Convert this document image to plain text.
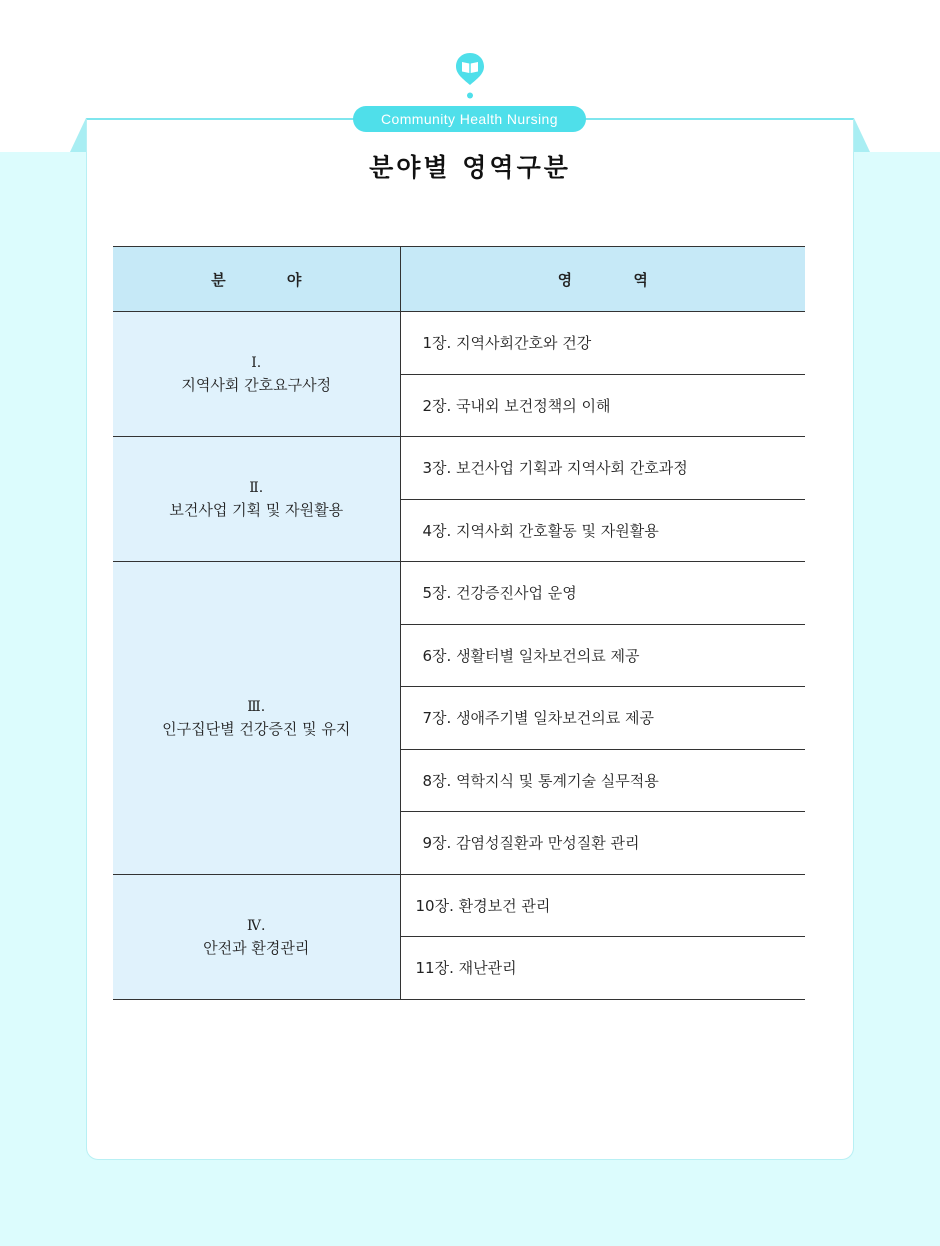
Community Health Nursing
분야별 영역구분
분 야	영 역

Ⅰ.
지역사회 간호요구사정	1장. 지역사회간호와 건강
	2장. 국내외 보건정책의 이해

Ⅱ.
보건사업 기획 및 자원활용	3장. 보건사업 기획과 지역사회 간호과정
	4장. 지역사회 간호활동 및 자원활용

Ⅲ.
인구집단별 건강증진 및 유지	5장. 건강증진사업 운영
	6장. 생활터별 일차보건의료 제공
	7장. 생애주기별 일차보건의료 제공
	8장. 역학지식 및 통계기술 실무적용
	9장. 감염성질환과 만성질환 관리

Ⅳ.
안전과 환경관리	10장. 환경보건 관리
	11장. 재난관리
